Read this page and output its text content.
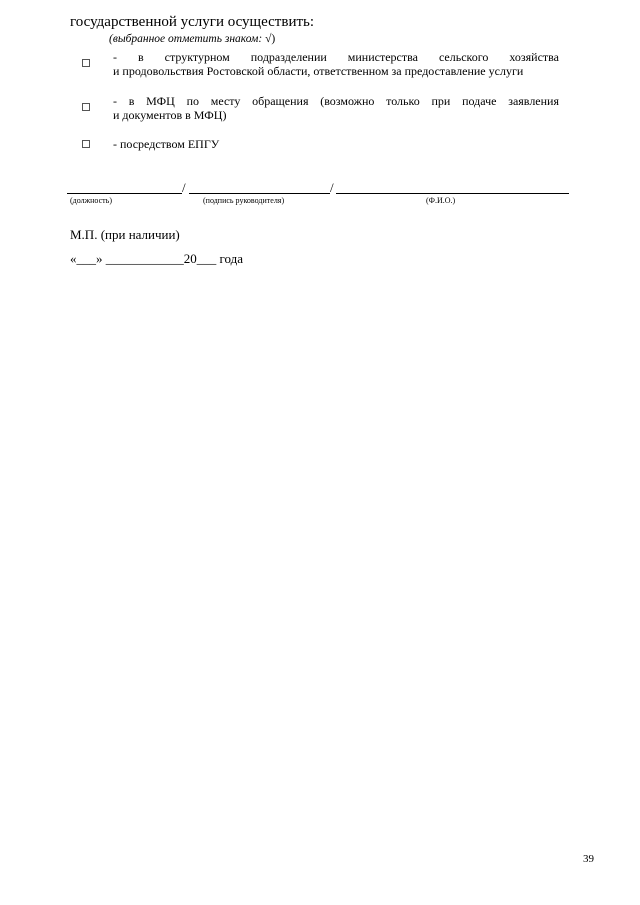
государственной услуги осуществить:
(выбранное отметить знаком: √)
- в структурном подразделении министерства сельского хозяйства
и продовольствия Ростовской области, ответственном за предоставление услуги
- в МФЦ по месту обращения (возможно только при подаче заявления
и документов в МФЦ)
- посредством ЕПГУ
/	/
(должность)	(подпись руководителя)	(Ф.И.О.)
М.П. (при наличии)
«___» ____________20___ года
39
